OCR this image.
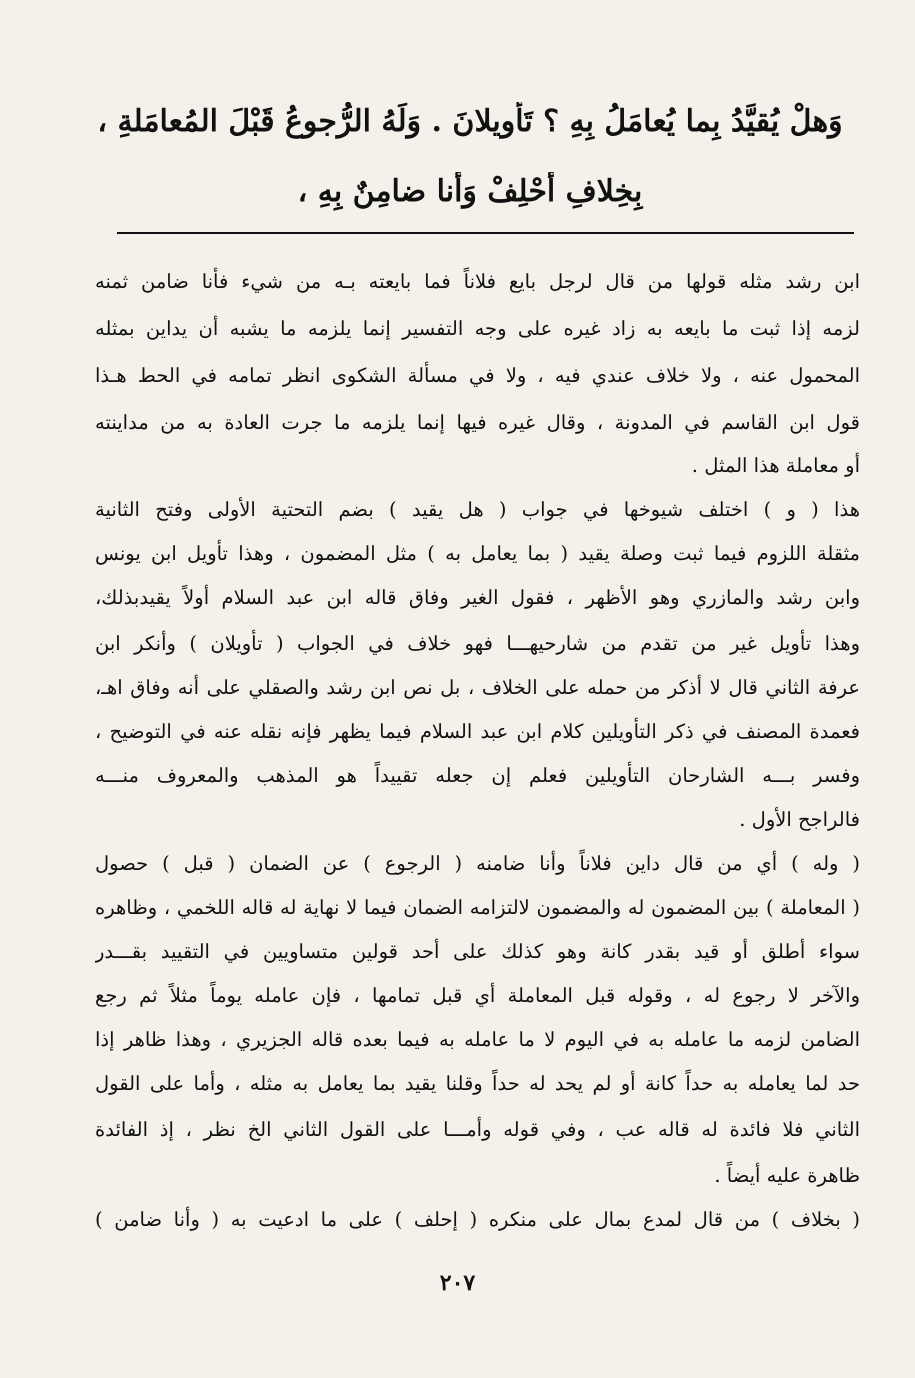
وَهلْ يُقيَّدُ بِما يُعامَلُ بِهِ ؟ تَأويلانَ . وَلَهُ الرُّجوعُ قَبْلَ المُعامَلةِ ،
بِخِلافِ أحْلِفْ وَأَنا ضامِنٌ بِهِ ،
ابن رشد مثله قولها من قال لرجل بايع فلاناً فما بايعته بـه من شيء فأنا ضامن ثمنه
لزمه إذا ثبت ما بايعه به زاد غيره على وجه التفسير إنما يلزمه ما يشبه أن يداين بمثله
المحمول عنه ، ولا خلاف عندي فيه ، ولا في مسألة الشكوى انظر تمامه في الحط هـذا
قول ابن القاسم في المدونة ، وقال غيره فيها إنما يلزمه ما جرت العادة به من مداينته
أو معاملة هذا المثل .
هذا ( و ) اختلف شيوخها في جواب ( هل يقيد ) بضم التحتية الأولى وفتح الثانية
مثقلة اللزوم فيما ثبت وصلة يقيد ( بما يعامل به ) مثل المضمون ، وهذا تأويل ابن يونس
وابن رشد والمازري وهو الأظهر ، فقول الغير وفاق قاله ابن عبد السلام أولاً يقيدبذلك،
وهذا تأويل غير من تقدم من شارحيهـــا فهو خلاف في الجواب ( تأويلان ) وأنكر ابن
عرفة الثاني قال لا أذكر من حمله على الخلاف ، بل نص ابن رشد والصقلي على أنه وفاق اهـ،
فعمدة المصنف في ذكر التأويلين كلام ابن عبد السلام فيما يظهر فإنه نقله عنه في التوضيح ،
وفسر بـــه الشارحان التأويلين فعلم إن جعله تقييداً هو المذهب والمعروف منـــه
فالراجح الأول .
( وله ) أي من قال داين فلاناً وأنا ضامنه ( الرجوع ) عن الضمان ( قبل ) حصول
( المعاملة ) بين المضمون له والمضمون لالتزامه الضمان فيما لا نهاية له قاله اللخمي ، وظاهره
سواء أطلق أو قيد بقدر كانة وهو كذلك على أحد قولين متساويين في التقييد بقـــدر
والآخر لا رجوع له ، وقوله قبل المعاملة أي قبل تمامها ، فإن عامله يوماً مثلاً ثم رجع
الضامن لزمه ما عامله به في اليوم لا ما عامله به فيما بعده قاله الجزيري ، وهذا ظاهر إذا
حد لما يعامله به حداً كانة أو لم يحد له حداً وقلنا يقيد بما يعامل به مثله ، وأما على القول
الثاني فلا فائدة له قاله عب ، وفي قوله وأمـــا على القول الثاني الخ نظر ، إذ الفائدة
ظاهرة عليه أيضاً .
( بخلاف ) من قال لمدع بمال على منكره ( إحلف ) على ما ادعيت به ( وأنا ضامن )
٢٠٧
